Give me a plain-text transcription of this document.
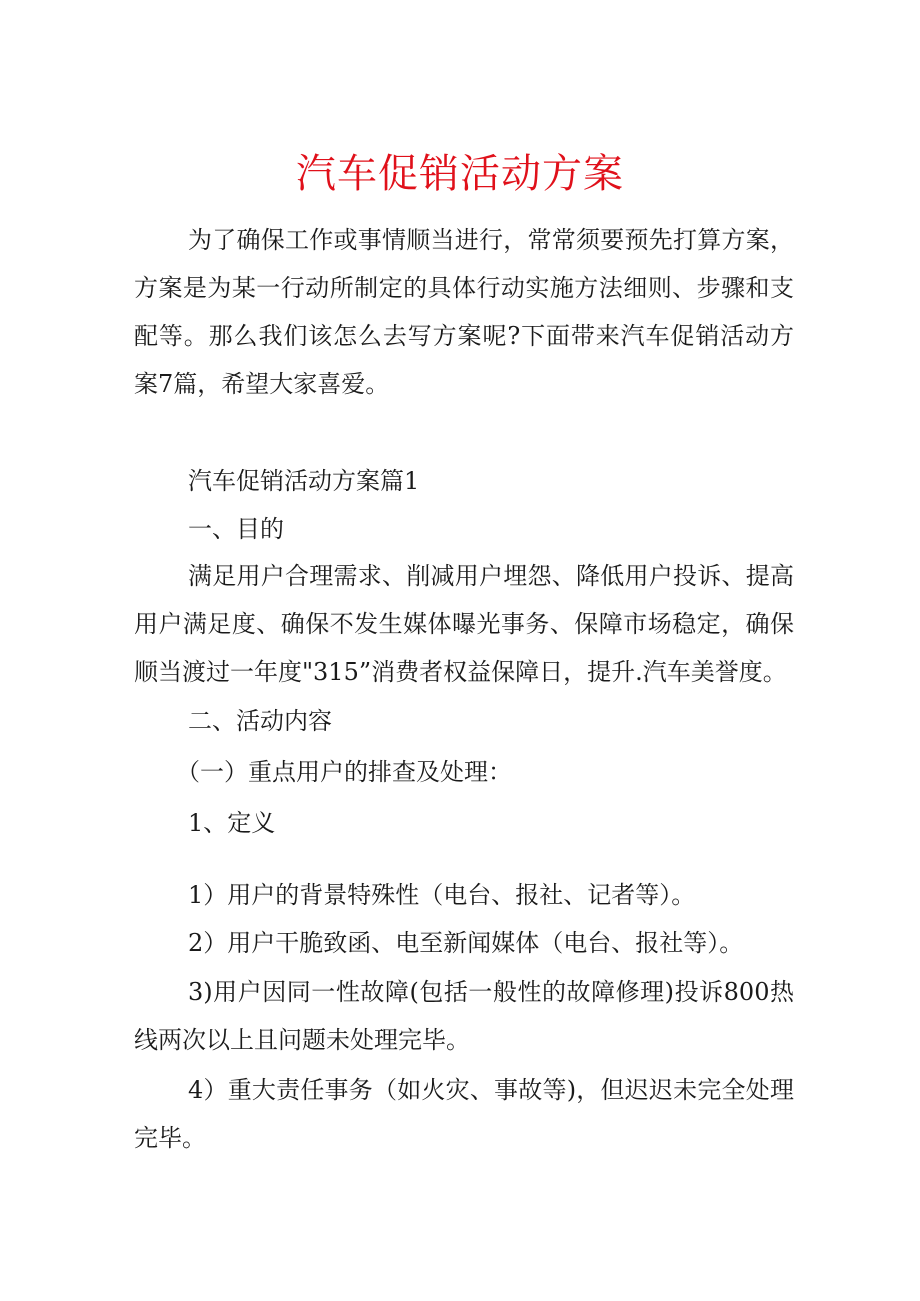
汽车促销活动方案

为了确保工作或事情顺当进行，常常须要预先打算方案，方案是为某一行动所制定的具体行动实施方法细则、步骤和支配等。那么我们该怎么去写方案呢?下面带来汽车促销活动方案7篇，希望大家喜爱。

汽车促销活动方案篇1

一、目的

满足用户合理需求、削减用户埋怨、降低用户投诉、提高用户满足度、确保不发生媒体曝光事务、保障市场稳定，确保顺当渡过一年度"315”消费者权益保障日，提升.汽车美誉度。

二、活动内容

（一）重点用户的排查及处理：

1、定义

1）用户的背景特殊性（电台、报社、记者等）。

2）用户干脆致函、电至新闻媒体（电台、报社等）。

3)用户因同一性故障(包括一般性的故障修理)投诉800热线两次以上且问题未处理完毕。

4）重大责任事务（如火灾、事故等)，但迟迟未完全处理完毕。
